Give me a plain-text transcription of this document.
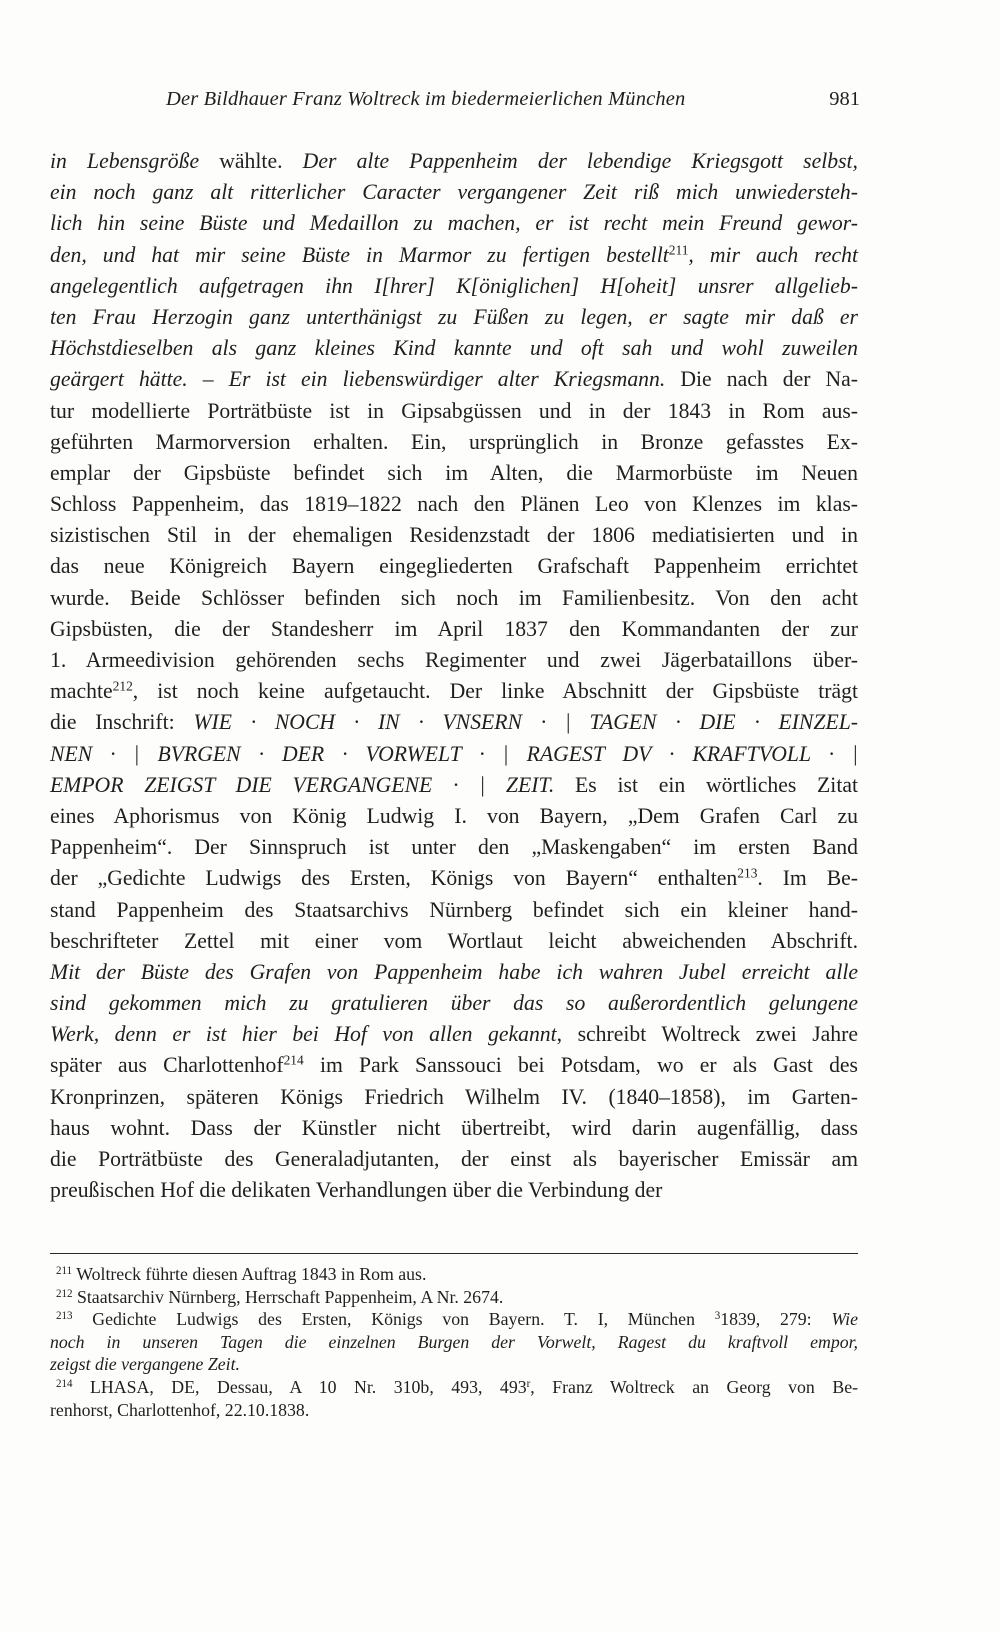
Der Bildhauer Franz Woltreck im biedermeierlichen München	981
in Lebensgröße wählte. Der alte Pappenheim der lebendige Kriegsgott selbst,
ein noch ganz alt ritterlicher Caracter vergangener Zeit riß mich unwiedersteh-
lich hin seine Büste und Medaillon zu machen, er ist recht mein Freund gewor-
den, und hat mir seine Büste in Marmor zu fertigen bestellt$^{211}$, mir auch recht
angelegentlich aufgetragen ihn I[hrer] K[öniglichen] H[oheit] unsrer allgelieb-
ten Frau Herzogin ganz unterthänigst zu Füßen zu legen, er sagte mir daß er
Höchstdieselben als ganz kleines Kind kannte und oft sah und wohl zuweilen
geärgert hätte. – Er ist ein liebenswürdiger alter Kriegsmann. Die nach der Na-
tur modellierte Porträtbüste ist in Gipsabgüssen und in der 1843 in Rom aus-
geführten Marmorversion erhalten. Ein, ursprünglich in Bronze gefasstes Ex-
emplar der Gipsbüste befindet sich im Alten, die Marmorbüste im Neuen
Schloss Pappenheim, das 1819–1822 nach den Plänen Leo von Klenzes im klas-
sizistischen Stil in der ehemaligen Residenzstadt der 1806 mediatisierten und in
das neue Königreich Bayern eingegliederten Grafschaft Pappenheim errichtet
wurde. Beide Schlösser befinden sich noch im Familienbesitz. Von den acht
Gipsbüsten, die der Standesherr im April 1837 den Kommandanten der zur
1. Armeedivision gehörenden sechs Regimenter und zwei Jägerbataillons über-
machte$^{212}$, ist noch keine aufgetaucht. Der linke Abschnitt der Gipsbüste trägt
die Inschrift: WIE · NOCH · IN · VNSERN · | TAGEN · DIE · EINZEL-
NEN · | BVRGEN · DER · VORWELT · | RAGEST DV · KRAFTVOLL · |
EMPOR ZEIGST DIE VERGANGENE · | ZEIT. Es ist ein wörtliches Zitat
eines Aphorismus von König Ludwig I. von Bayern, „Dem Grafen Carl zu
Pappenheim“. Der Sinnspruch ist unter den „Maskengaben“ im ersten Band
der „Gedichte Ludwigs des Ersten, Königs von Bayern“ enthalten$^{213}$. Im Be-
stand Pappenheim des Staatsarchivs Nürnberg befindet sich ein kleiner hand-
beschrifteter Zettel mit einer vom Wortlaut leicht abweichenden Abschrift.
Mit der Büste des Grafen von Pappenheim habe ich wahren Jubel erreicht alle
sind gekommen mich zu gratulieren über das so außerordentlich gelungene
Werk, denn er ist hier bei Hof von allen gekannt, schreibt Woltreck zwei Jahre
später aus Charlottenhof$^{214}$ im Park Sanssouci bei Potsdam, wo er als Gast des
Kronprinzen, späteren Königs Friedrich Wilhelm IV. (1840–1858), im Garten-
haus wohnt. Dass der Künstler nicht übertreibt, wird darin augenfällig, dass
die Porträtbüste des Generaladjutanten, der einst als bayerischer Emissär am
preußischen Hof die delikaten Verhandlungen über die Verbindung der
$^{211}$ Woltreck führte diesen Auftrag 1843 in Rom aus.
$^{212}$ Staatsarchiv Nürnberg, Herrschaft Pappenheim, A Nr. 2674.
$^{213}$ Gedichte Ludwigs des Ersten, Königs von Bayern. T. I, München $^3$1839, 279: Wie
noch in unseren Tagen die einzelnen Burgen der Vorwelt, Ragest du kraftvoll empor,
zeigst die vergangene Zeit.
$^{214}$ LHASA, DE, Dessau, A 10 Nr. 310b, 493, 493$^r$, Franz Woltreck an Georg von Be-
renhorst, Charlottenhof, 22.10.1838.
